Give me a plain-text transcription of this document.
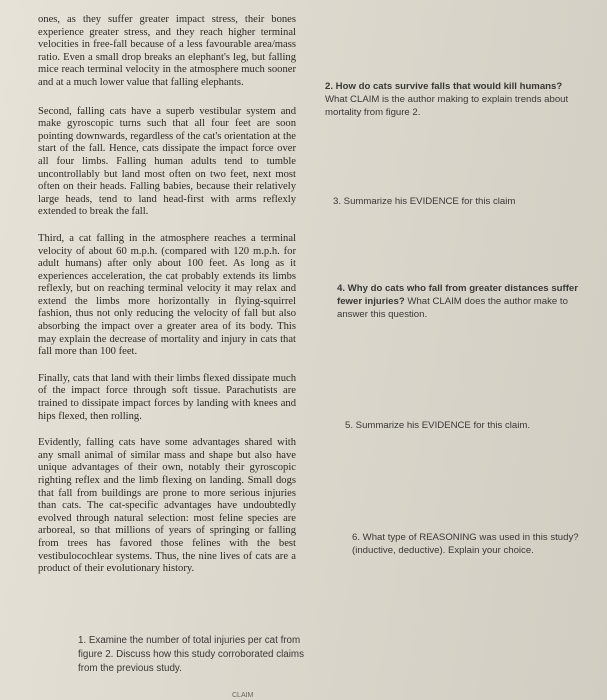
ones, as they suffer greater impact stress, their bones experience greater stress, and they reach higher terminal velocities in free-fall because of a less favourable area/mass ratio. Even a small drop breaks an elephant's leg, but falling mice reach terminal velocity in the atmosphere much sooner and at a much lower value that falling elephants.

Second, falling cats have a superb vestibular system and make gyroscopic turns such that all four feet are soon pointing downwards, regardless of the cat's orientation at the start of the fall. Hence, cats dissipate the impact force over all four limbs. Falling human adults tend to tumble uncontrollably but land most often on two feet, next most often on their heads. Falling babies, because their relatively large heads, tend to land head-first with arms reflexly extended to break the fall.

Third, a cat falling in the atmosphere reaches a terminal velocity of about 60 m.p.h. (compared with 120 m.p.h. for adult humans) after only about 100 feet. As long as it experiences acceleration, the cat probably extends its limbs reflexly, but on reaching terminal velocity it may relax and extend the limbs more horizontally in flying-squirrel fashion, thus not only reducing the velocity of fall but also absorbing the impact over a greater area of its body. This may explain the decrease of mortality and injury in cats that fall more than 100 feet.

Finally, cats that land with their limbs flexed dissipate much of the impact force through soft tissue. Parachutists are trained to dissipate impact forces by landing with knees and hips flexed, then rolling.

Evidently, falling cats have some advantages shared with any small animal of similar mass and shape but also have unique advantages of their own, notably their gyroscopic righting reflex and the limb flexing on landing. Small dogs that fall from buildings are prone to more serious injuries than cats. The cat-specific advantages have undoubtedly evolved through natural selection: most feline species are arboreal, so that millions of years of springing or falling from trees has favored those felines with the best vestibulocochlear systems. Thus, the nine lives of cats are a product of their evolutionary history.

2. How do cats survive falls that would kill humans? What CLAIM is the author making to explain trends about mortality from figure 2.
3. Summarize his EVIDENCE for this claim
4. Why do cats who fall from greater distances suffer fewer injuries? What CLAIM does the author make to answer this question.
5. Summarize his EVIDENCE for this claim.
6. What type of REASONING was used in this study? (inductive, deductive). Explain your choice.
1. Examine the number of total injuries per cat from figure 2. Discuss how this study corroborated claims from the previous study.
CLAIM
